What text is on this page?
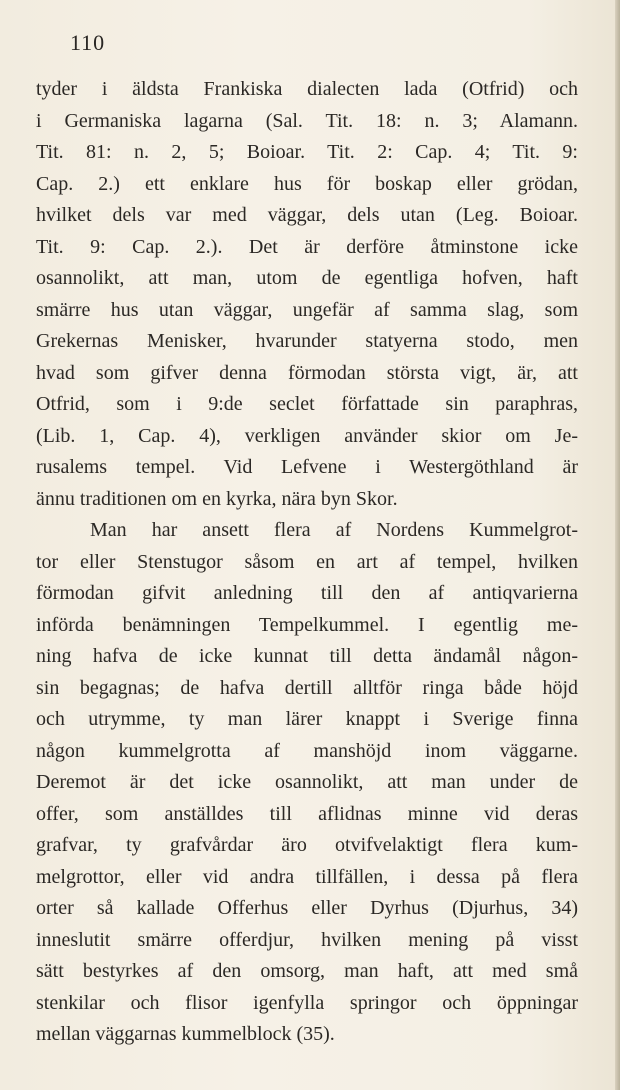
110
tyder i äldsta Frankiska dialecten lada (Otfrid) och
i Germaniska lagarna (Sal. Tit. 18: n. 3; Alamann.
Tit. 81: n. 2, 5; Boioar. Tit. 2: Cap. 4; Tit. 9:
Cap. 2.) ett enklare hus för boskap eller grödan,
hvilket dels var med väggar, dels utan (Leg. Boioar.
Tit. 9: Cap. 2.). Det är derföre åtminstone icke
osannolikt, att man, utom de egentliga hofven, haft
smärre hus utan väggar, ungefär af samma slag, som
Grekernas Menisker, hvarunder statyerna stodo, men
hvad som gifver denna förmodan största vigt, är, att
Otfrid, som i 9:de seclet författade sin paraphras,
(Lib. 1, Cap. 4), verkligen använder skior om Je-
rusalems tempel. Vid Lefvene i Westergöthland är
ännu traditionen om en kyrka, nära byn Skor.
Man har ansett flera af Nordens Kummelgrot-
tor eller Stenstugor såsom en art af tempel, hvilken
förmodan gifvit anledning till den af antiqvarierna
införda benämningen Tempelkummel. I egentlig me-
ning hafva de icke kunnat till detta ändamål någon-
sin begagnas; de hafva dertill alltför ringa både höjd
och utrymme, ty man lärer knappt i Sverige finna
någon kummelgrotta af manshöjd inom väggarne.
Deremot är det icke osannolikt, att man under de
offer, som anställdes till aflidnas minne vid deras
grafvar, ty grafvårdar äro otvifvelaktigt flera kum-
melgrottor, eller vid andra tillfällen, i dessa på flera
orter så kallade Offerhus eller Dyrhus (Djurhus, 34)
inneslutit smärre offerdjur, hvilken mening på visst
sätt bestyrkes af den omsorg, man haft, att med små
stenkilar och flisor igenfylla springor och öppningar
mellan väggarnas kummelblock (35).
